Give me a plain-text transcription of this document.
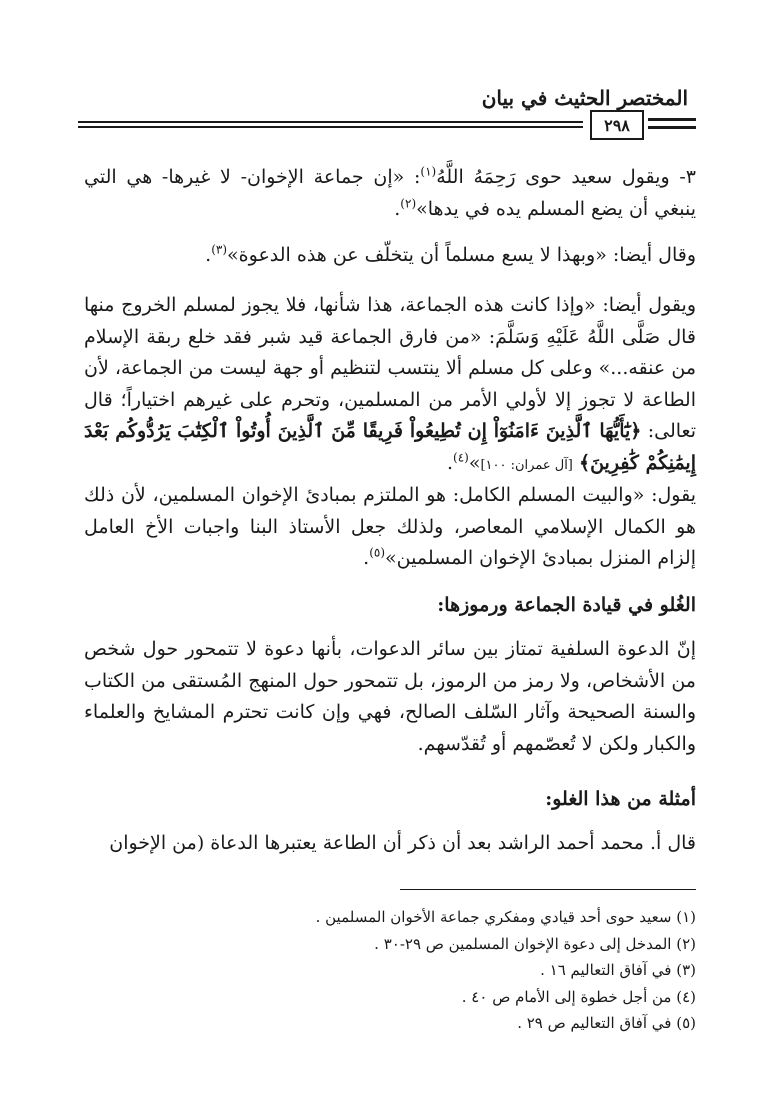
المختصر الحثيث في بيان
٢٩٨
٣- ويقول سعيد حوى رَحِمَهُ اللَّهُ$^{(١)}$: «إن جماعة الإخوان- لا غيرها- هي التي ينبغي أن يضع المسلم يده في يدها»$^{(٢)}$.
وقال أيضا: «وبهذا لا يسع مسلماً أن يتخلّف عن هذه الدعوة»$^{(٣)}$.
ويقول أيضا: «وإذا كانت هذه الجماعة، هذا شأنها، فلا يجوز لمسلم الخروج منها قال صَلَّى اللَّهُ عَلَيْهِ وَسَلَّمَ: «من فارق الجماعة قيد شبر فقد خلع ربقة الإسلام من عنقه...» وعلى كل مسلم ألا ينتسب لتنظيم أو جهة ليست من الجماعة، لأن الطاعة لا تجوز إلا لأولي الأمر من المسلمين، وتحرم على غيرهم اختياراً؛ قال تعالى: ﴿يَٰٓأَيُّهَا ٱلَّذِينَ ءَامَنُوٓاْ إِن تُطِيعُواْ فَرِيقًا مِّنَ ٱلَّذِينَ أُوتُواْ ٱلْكِتَٰبَ يَرُدُّوكُم بَعْدَ إِيمَٰنِكُمْ كَٰفِرِينَ﴾ [آل عمران: ١٠٠]»$^{(٤)}$.
يقول: «والبيت المسلم الكامل: هو الملتزم بمبادئ الإخوان المسلمين، لأن ذلك هو الكمال الإسلامي المعاصر، ولذلك جعل الأستاذ البنا واجبات الأخ العامل إلزام المنزل بمبادئ الإخوان المسلمين»$^{(٥)}$.
الغُلو في قيادة الجماعة ورموزها:
إنّ الدعوة السلفية تمتاز بين سائر الدعوات، بأنها دعوة لا تتمحور حول شخص من الأشخاص، ولا رمز من الرموز، بل تتمحور حول المنهج المُستقى من الكتاب والسنة الصحيحة وآثار السّلف الصالح، فهي وإن كانت تحترم المشايخ والعلماء والكبار ولكن لا تُعصّمهم أو تُقدّسهم.
أمثلة من هذا الغلو:
قال أ. محمد أحمد الراشد بعد أن ذكر أن الطاعة يعتبرها الدعاة (من الإخوان
(١) سعيد حوى أحد قيادي ومفكري جماعة الأخوان المسلمين .
(٢) المدخل إلى دعوة الإخوان المسلمين ص ٢٩-٣٠ .
(٣) في آفاق التعاليم ١٦ .
(٤) من أجل خطوة إلى الأمام ص ٤٠ .
(٥) في آفاق التعاليم ص ٢٩ .
